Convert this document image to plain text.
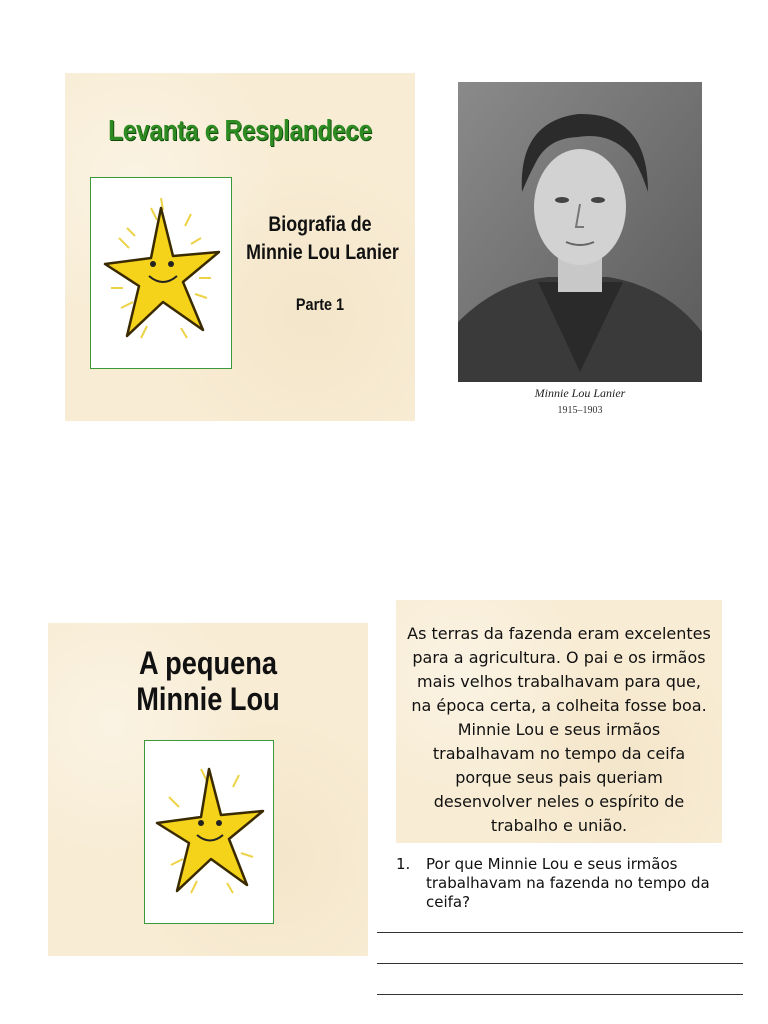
Levanta e Resplandece
Biografia de
Minnie Lou Lanier
Parte 1
Minnie Lou Lanier
1915–1903
A pequena
Minnie Lou
As terras da fazenda eram excelentes para a agricultura. O pai e os irmãos mais velhos trabalhavam para que, na época certa, a colheita fosse boa. Minnie Lou e seus irmãos trabalhavam no tempo da ceifa porque seus pais queriam desenvolver neles o espírito de trabalho e união.
1. Por que Minnie Lou e seus irmãos trabalhavam na fazenda no tempo da ceifa?
